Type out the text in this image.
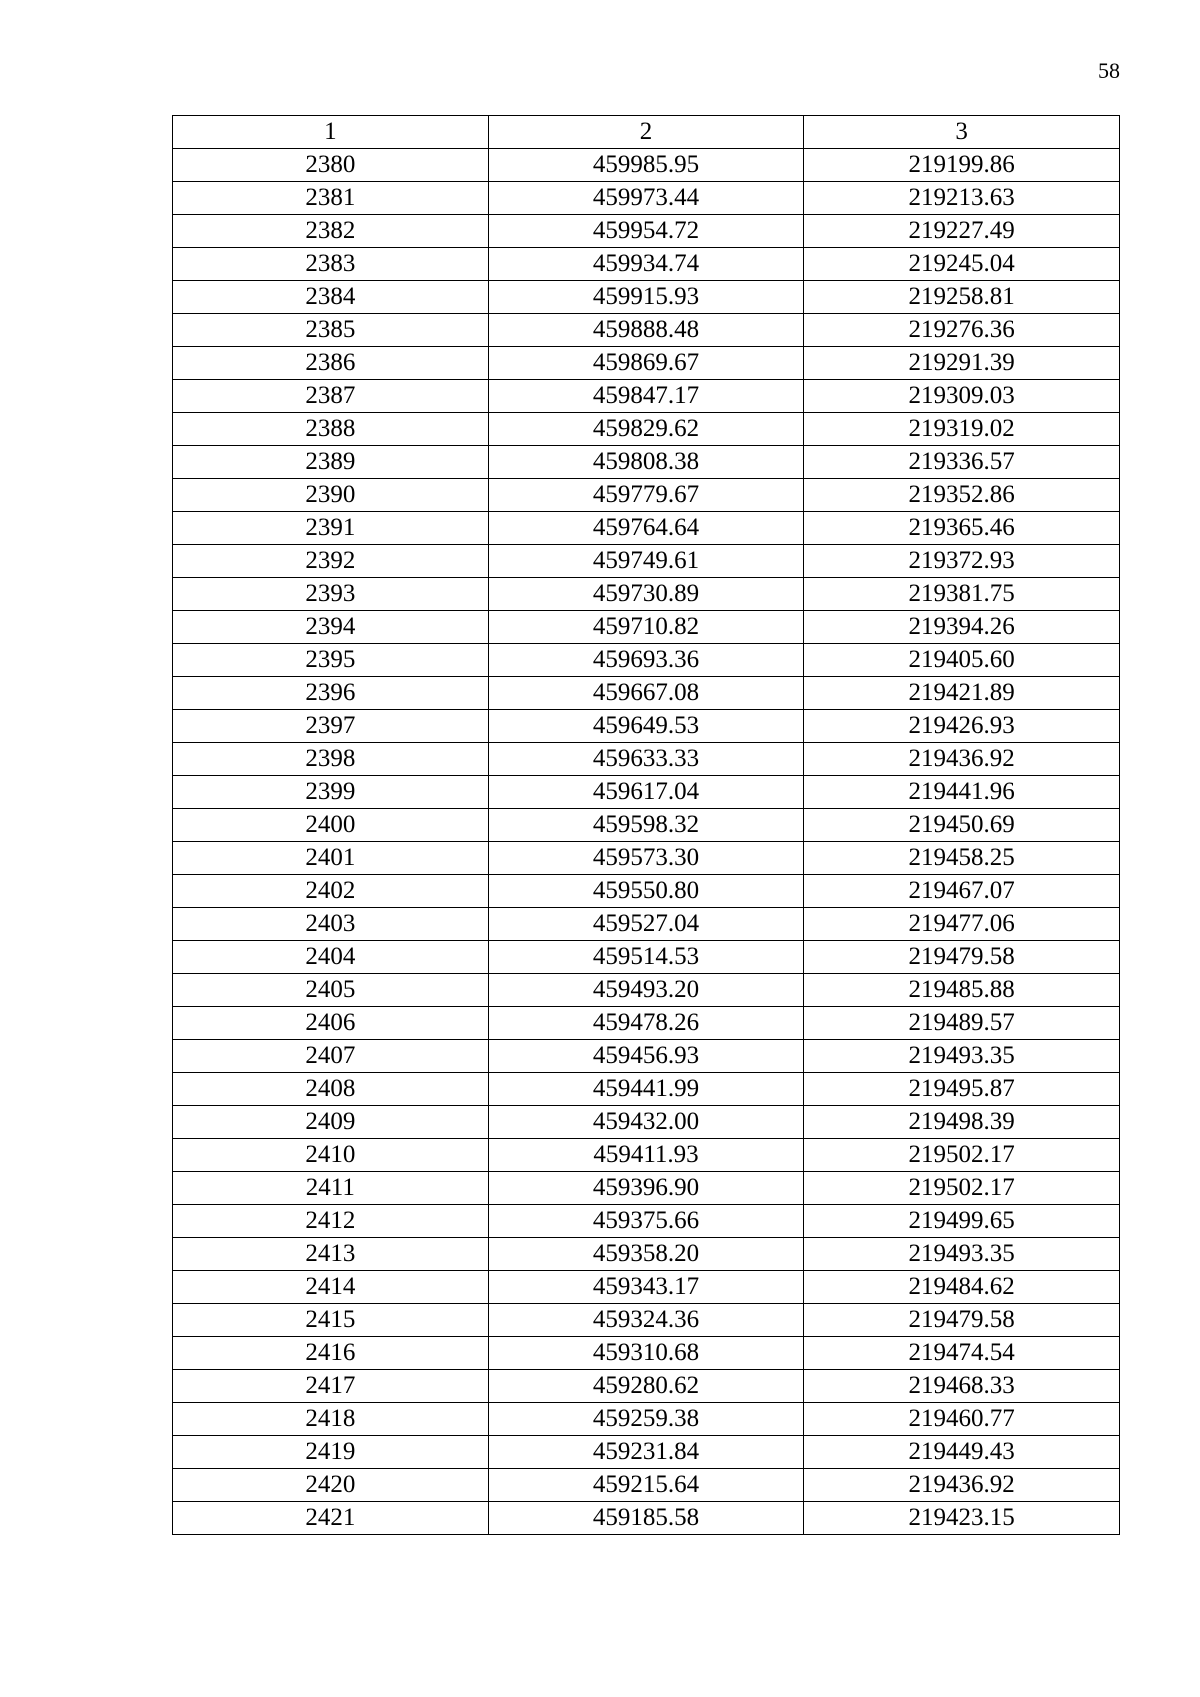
58
1	2	3
2380	459985.95	219199.86
2381	459973.44	219213.63
2382	459954.72	219227.49
2383	459934.74	219245.04
2384	459915.93	219258.81
2385	459888.48	219276.36
2386	459869.67	219291.39
2387	459847.17	219309.03
2388	459829.62	219319.02
2389	459808.38	219336.57
2390	459779.67	219352.86
2391	459764.64	219365.46
2392	459749.61	219372.93
2393	459730.89	219381.75
2394	459710.82	219394.26
2395	459693.36	219405.60
2396	459667.08	219421.89
2397	459649.53	219426.93
2398	459633.33	219436.92
2399	459617.04	219441.96
2400	459598.32	219450.69
2401	459573.30	219458.25
2402	459550.80	219467.07
2403	459527.04	219477.06
2404	459514.53	219479.58
2405	459493.20	219485.88
2406	459478.26	219489.57
2407	459456.93	219493.35
2408	459441.99	219495.87
2409	459432.00	219498.39
2410	459411.93	219502.17
2411	459396.90	219502.17
2412	459375.66	219499.65
2413	459358.20	219493.35
2414	459343.17	219484.62
2415	459324.36	219479.58
2416	459310.68	219474.54
2417	459280.62	219468.33
2418	459259.38	219460.77
2419	459231.84	219449.43
2420	459215.64	219436.92
2421	459185.58	219423.15
